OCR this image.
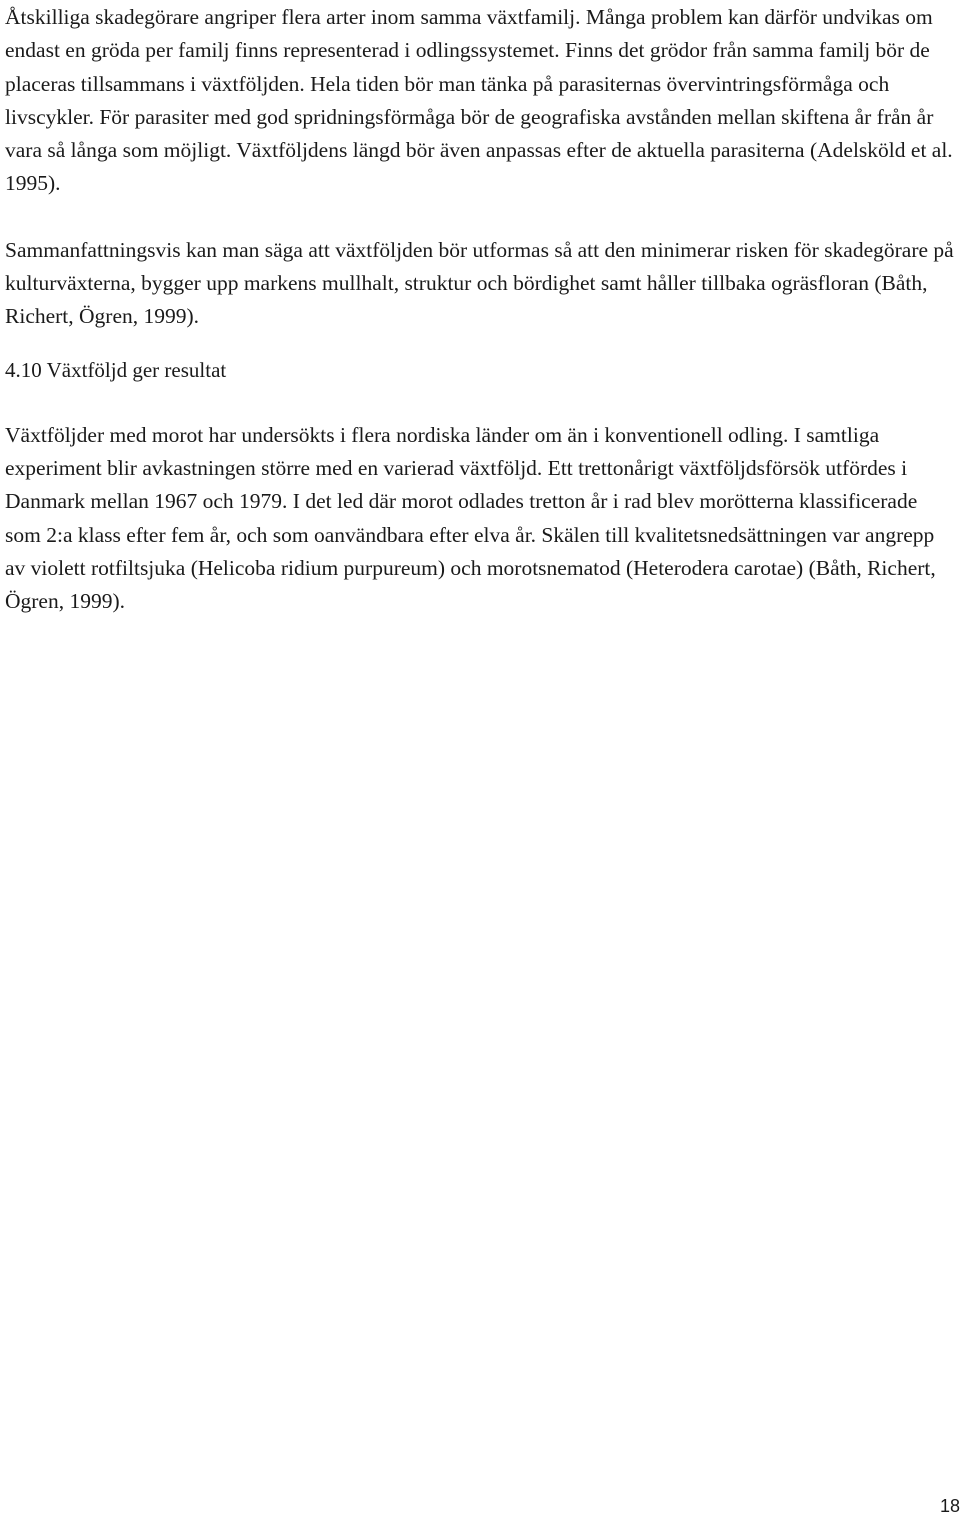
Åtskilliga skadegörare angriper flera arter inom samma växtfamilj. Många problem kan därför undvikas om endast en gröda per familj finns representerad i odlingssystemet. Finns det grödor från samma familj bör de placeras tillsammans i växtföljden. Hela tiden bör man tänka på parasiternas övervintringsförmåga och livscykler. För parasiter med god spridningsförmåga bör de geografiska avstånden mellan skiftena år från år vara så långa som möjligt. Växtföljdens längd bör även anpassas efter de aktuella parasiterna (Adelsköld et al. 1995).

Sammanfattningsvis kan man säga att växtföljden bör utformas så att den minimerar risken för skadegörare på kulturväxterna, bygger upp markens mullhalt, struktur och bördighet samt håller tillbaka ogräsfloran (Båth, Richert, Ögren, 1999).

4.10 Växtföljd ger resultat

Växtföljder med morot har undersökts i flera nordiska länder om än i konventionell odling. I samtliga experiment blir avkastningen större med en varierad växtföljd. Ett trettonårigt växtföljdsförsök utfördes i Danmark mellan 1967 och 1979. I det led där morot odlades tretton år i rad blev morötterna klassificerade som 2:a klass efter fem år, och som oanvändbara efter elva år. Skälen till kvalitetsnedsättningen var angrepp av violett rotfiltsjuka (Helicoba ridium purpureum) och morotsnematod (Heterodera carotae) (Båth, Richert, Ögren, 1999).

18
